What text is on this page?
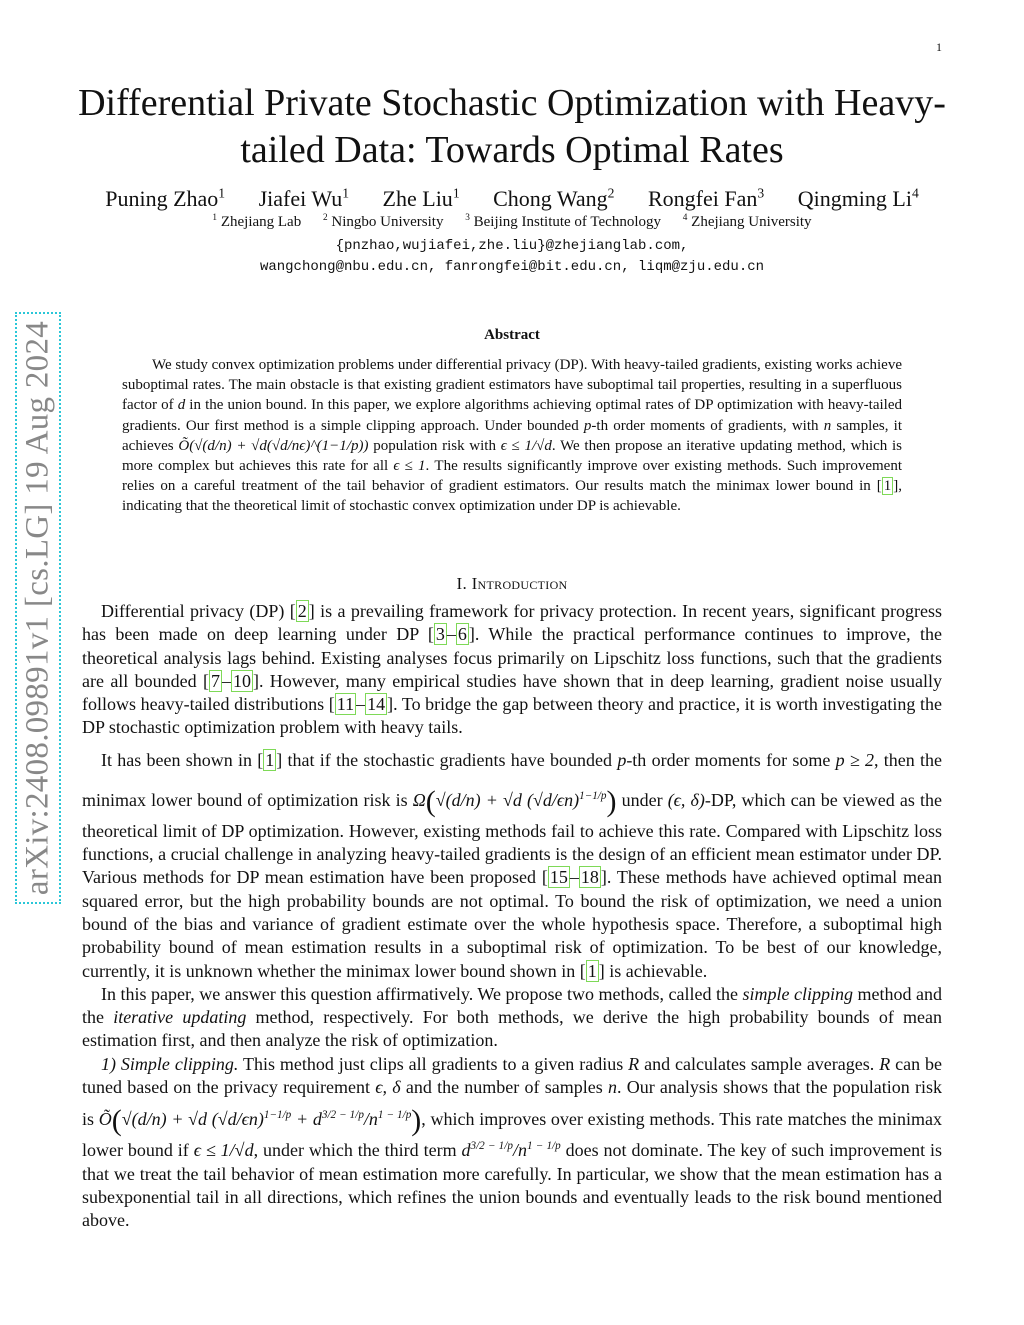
1
arXiv:2408.09891v1 [cs.LG] 19 Aug 2024
Differential Private Stochastic Optimization with Heavy-tailed Data: Towards Optimal Rates
Puning Zhao$^1$ Jiafei Wu$^1$ Zhe Liu$^1$ Chong Wang$^2$ Rongfei Fan$^3$ Qingming Li$^4$
$^1$ Zhejiang Lab $^2$ Ningbo University $^3$ Beijing Institute of Technology $^4$ Zhejiang University
{pnzhao,wujiafei,zhe.liu}@zhejianglab.com,
wangchong@nbu.edu.cn, fanrongfei@bit.edu.cn, liqm@zju.edu.cn
Abstract

We study convex optimization problems under differential privacy (DP). With heavy-tailed gradients, existing works achieve suboptimal rates. The main obstacle is that existing gradient estimators have suboptimal tail properties, resulting in a superfluous factor of d in the union bound. In this paper, we explore algorithms achieving optimal rates of DP optimization with heavy-tailed gradients. Our first method is a simple clipping approach. Under bounded p-th order moments of gradients, with n samples, it achieves Õ(√(d/n) + √d(√d/nϵ)^(1−1/p)) population risk with ϵ ≤ 1/√d. We then propose an iterative updating method, which is more complex but achieves this rate for all ϵ ≤ 1. The results significantly improve over existing methods. Such improvement relies on a careful treatment of the tail behavior of gradient estimators. Our results match the minimax lower bound in [ 1 ], indicating that the theoretical limit of stochastic convex optimization under DP is achievable.

I. Introduction

Differential privacy (DP) [ 2 ] is a prevailing framework for privacy protection. In recent years, significant progress has been made on deep learning under DP [ 3 – 6 ]. While the practical performance continues to improve, the theoretical analysis lags behind. Existing analyses focus primarily on Lipschitz loss functions, such that the gradients are all bounded [ 7 – 10 ]. However, many empirical studies have shown that in deep learning, gradient noise usually follows heavy-tailed distributions [ 11 – 14 ]. To bridge the gap between theory and practice, it is worth investigating the DP stochastic optimization problem with heavy tails.

It has been shown in [ 1 ] that if the stochastic gradients have bounded p-th order moments for some p ≥ 2, then the minimax lower bound of optimization risk is Ω(√(d/n) + √d $(√d/\epsilon n)^{1-1/p}$) under (ϵ, δ)-DP, which can be viewed as the theoretical limit of DP optimization. However, existing methods fail to achieve this rate. Compared with Lipschitz loss functions, a crucial challenge in analyzing heavy-tailed gradients is the design of an efficient mean estimator under DP. Various methods for DP mean estimation have been proposed [ 15 – 18 ]. These methods have achieved optimal mean squared error, but the high probability bounds are not optimal. To bound the risk of optimization, we need a union bound of the bias and variance of gradient estimate over the whole hypothesis space. Therefore, a suboptimal high probability bound of mean estimation results in a suboptimal risk of optimization. To be best of our knowledge, currently, it is unknown whether the minimax lower bound shown in [ 1 ] is achievable.

In this paper, we answer this question affirmatively. We propose two methods, called the simple clipping method and the iterative updating method, respectively. For both methods, we derive the high probability bounds of mean estimation first, and then analyze the risk of optimization.

1) Simple clipping. This method just clips all gradients to a given radius R and calculates sample averages. R can be tuned based on the privacy requirement ϵ, δ and the number of samples n. Our analysis shows that the population risk is Õ(√(d/n) + √d $(√d/\epsilon n)^{1-1/p} + d^{3/2 - 1/p}/n^{1 - 1/p}$), which improves over existing methods. This rate matches the minimax lower bound if ϵ ≤ 1/√d, under which the third term $d^{3/2 - 1/p}/n^{1 - 1/p}$ does not dominate. The key of such improvement is that we treat the tail behavior of mean estimation more carefully. In particular, we show that the mean estimation has a subexponential tail in all directions, which refines the union bounds and eventually leads to the risk bound mentioned above.
